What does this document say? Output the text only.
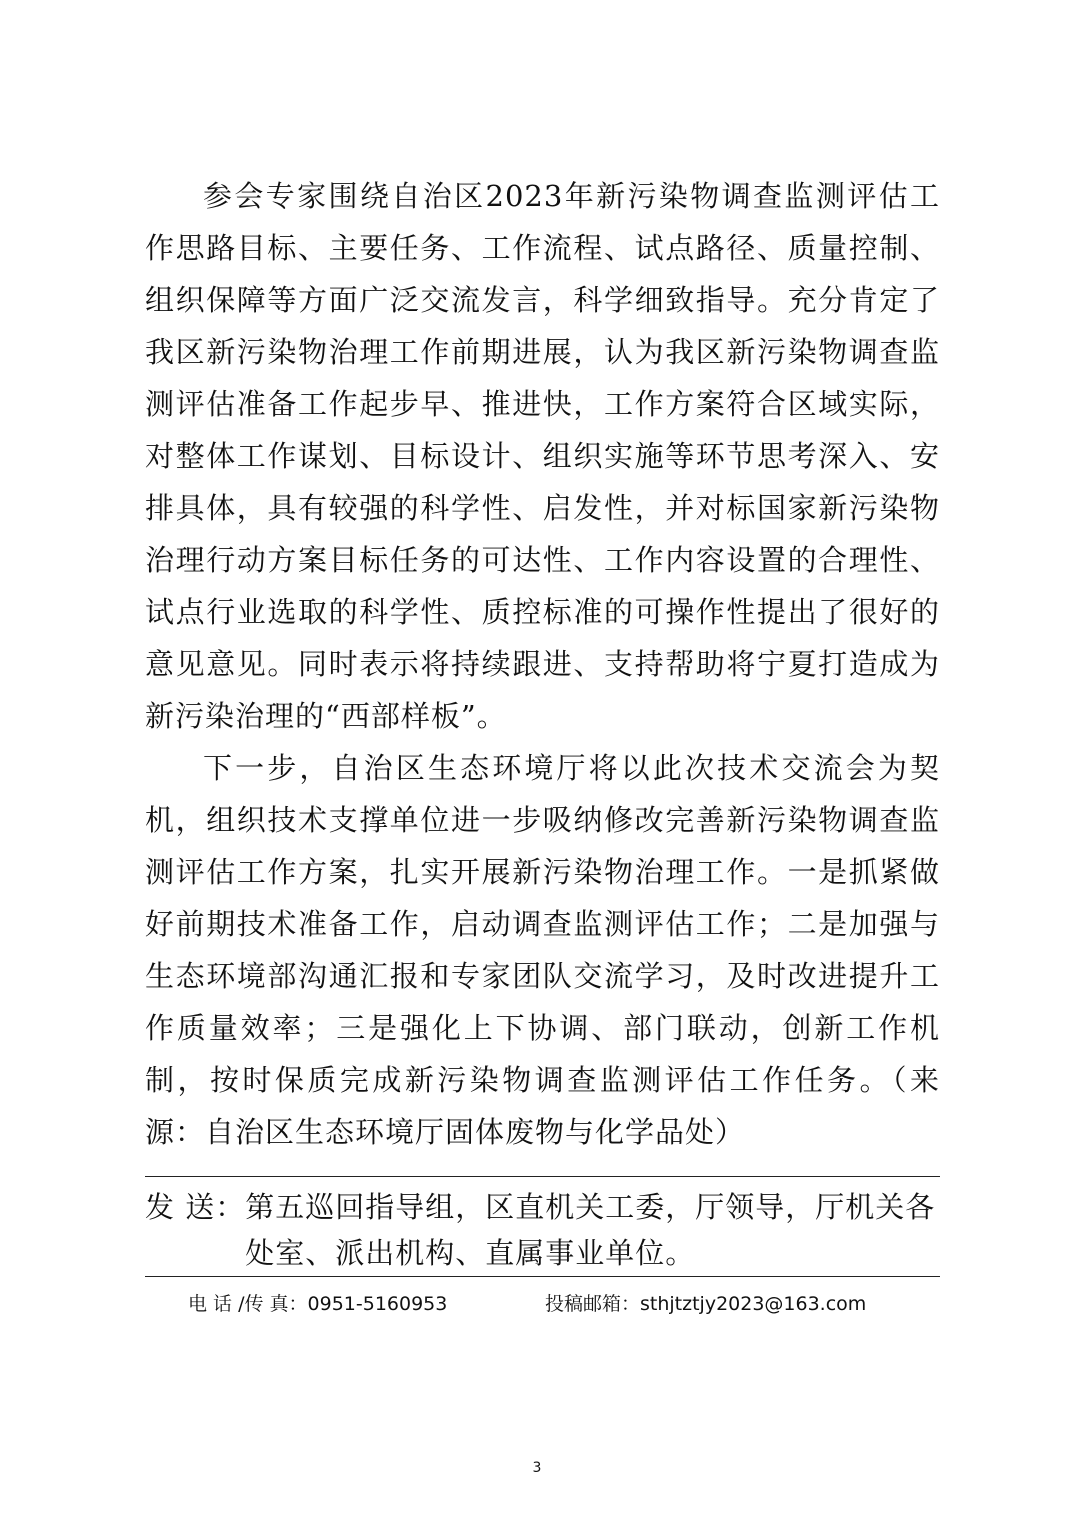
参会专家围绕自治区2023年新污染物调查监测评估工作思路目标、主要任务、工作流程、试点路径、质量控制、组织保障等方面广泛交流发言，科学细致指导。充分肯定了我区新污染物治理工作前期进展，认为我区新污染物调查监测评估准备工作起步早、推进快，工作方案符合区域实际，对整体工作谋划、目标设计、组织实施等环节思考深入、安排具体，具有较强的科学性、启发性，并对标国家新污染物治理行动方案目标任务的可达性、工作内容设置的合理性、试点行业选取的科学性、质控标准的可操作性提出了很好的意见意见。同时表示将持续跟进、支持帮助将宁夏打造成为新污染治理的“西部样板”。

下一步，自治区生态环境厅将以此次技术交流会为契机，组织技术支撑单位进一步吸纳修改完善新污染物调查监测评估工作方案，扎实开展新污染物治理工作。一是抓紧做好前期技术准备工作，启动调查监测评估工作；二是加强与生态环境部沟通汇报和专家团队交流学习，及时改进提升工作质量效率；三是强化上下协调、部门联动，创新工作机制，按时保质完成新污染物调查监测评估工作任务。（来源：自治区生态环境厅固体废物与化学品处）

发 送： 第五巡回指导组，区直机关工委，厅领导，厅机关各处室、派出机构、直属事业单位。
电 话 /传 真：0951-5160953	投稿邮箱：sthjtztjy2023@163.com
3
